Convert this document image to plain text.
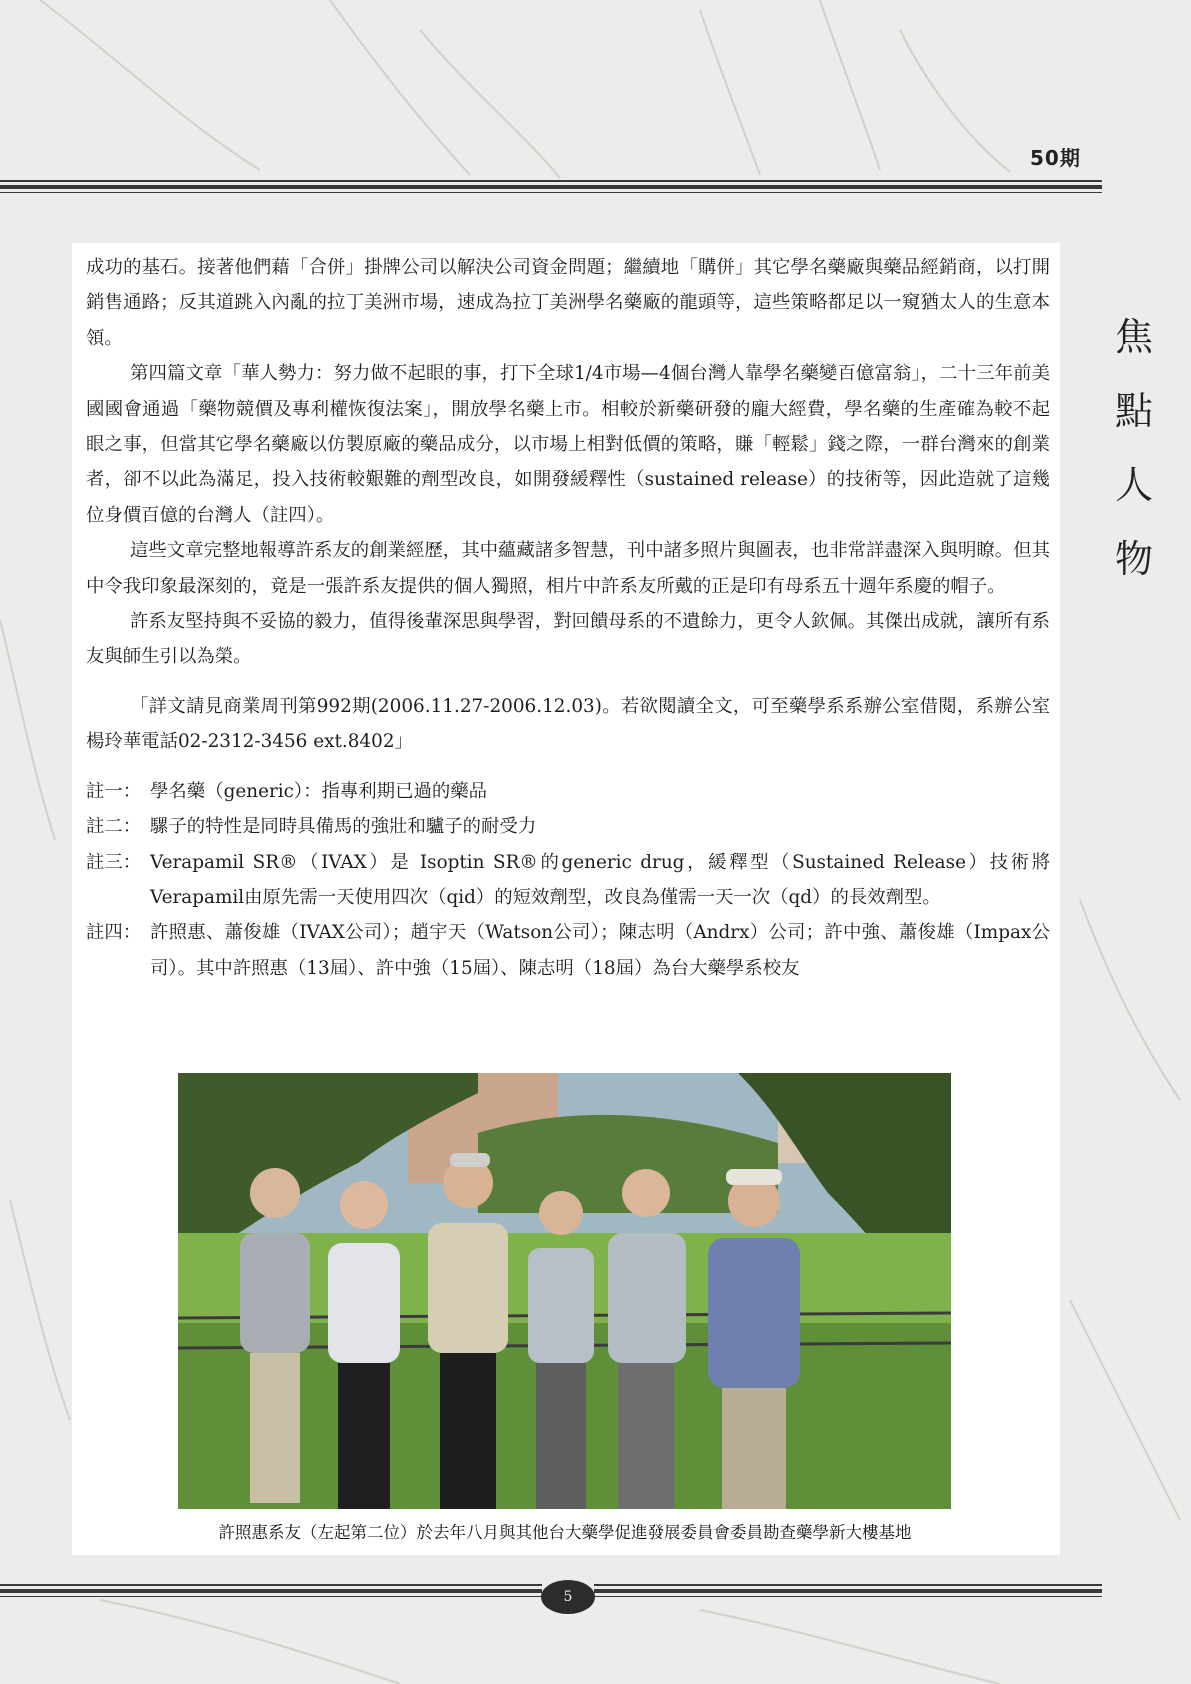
50期
焦
點
人
物

成功的基石。接著他們藉「合併」掛牌公司以解決公司資金問題；繼續地「購併」其它學名藥廠與藥品經銷商，以打開銷售通路；反其道跳入內亂的拉丁美洲市場，速成為拉丁美洲學名藥廠的龍頭等，這些策略都足以一窺猶太人的生意本領。

第四篇文章「華人勢力：努力做不起眼的事，打下全球1/4市場—4個台灣人靠學名藥變百億富翁」，二十三年前美國國會通過「藥物競價及專利權恢復法案」，開放學名藥上市。相較於新藥研發的龐大經費，學名藥的生產確為較不起眼之事，但當其它學名藥廠以仿製原廠的藥品成分，以市場上相對低價的策略，賺「輕鬆」錢之際，一群台灣來的創業者，卻不以此為滿足，投入技術較艱難的劑型改良，如開發緩釋性（sustained release）的技術等，因此造就了這幾位身價百億的台灣人（註四）。

這些文章完整地報導許系友的創業經歷，其中蘊藏諸多智慧，刊中諸多照片與圖表，也非常詳盡深入與明瞭。但其中令我印象最深刻的，竟是一張許系友提供的個人獨照，相片中許系友所戴的正是印有母系五十週年系慶的帽子。

許系友堅持與不妥協的毅力，值得後輩深思與學習，對回饋母系的不遺餘力，更令人欽佩。其傑出成就，讓所有系友與師生引以為榮。

「詳文請見商業周刊第992期(2006.11.27-2006.12.03)。若欲閱讀全文，可至藥學系系辦公室借閱，系辦公室楊玲華電話02-2312-3456 ext.8402」

註一： 學名藥（generic）：指專利期已過的藥品
註二： 騾子的特性是同時具備馬的強壯和驢子的耐受力
註三： Verapamil SR®（IVAX）是 Isoptin SR®的generic drug，緩釋型（Sustained Release）技術將Verapamil由原先需一天使用四次（qid）的短效劑型，改良為僅需一天一次（qd）的長效劑型。
註四： 許照惠、蕭俊雄（IVAX公司）；趙宇天（Watson公司）；陳志明（Andrx）公司；許中強、蕭俊雄（Impax公司）。其中許照惠（13屆）、許中強（15屆）、陳志明（18屆）為台大藥學系校友
許照惠系友（左起第二位）於去年八月與其他台大藥學促進發展委員會委員勘查藥學新大樓基地
5
